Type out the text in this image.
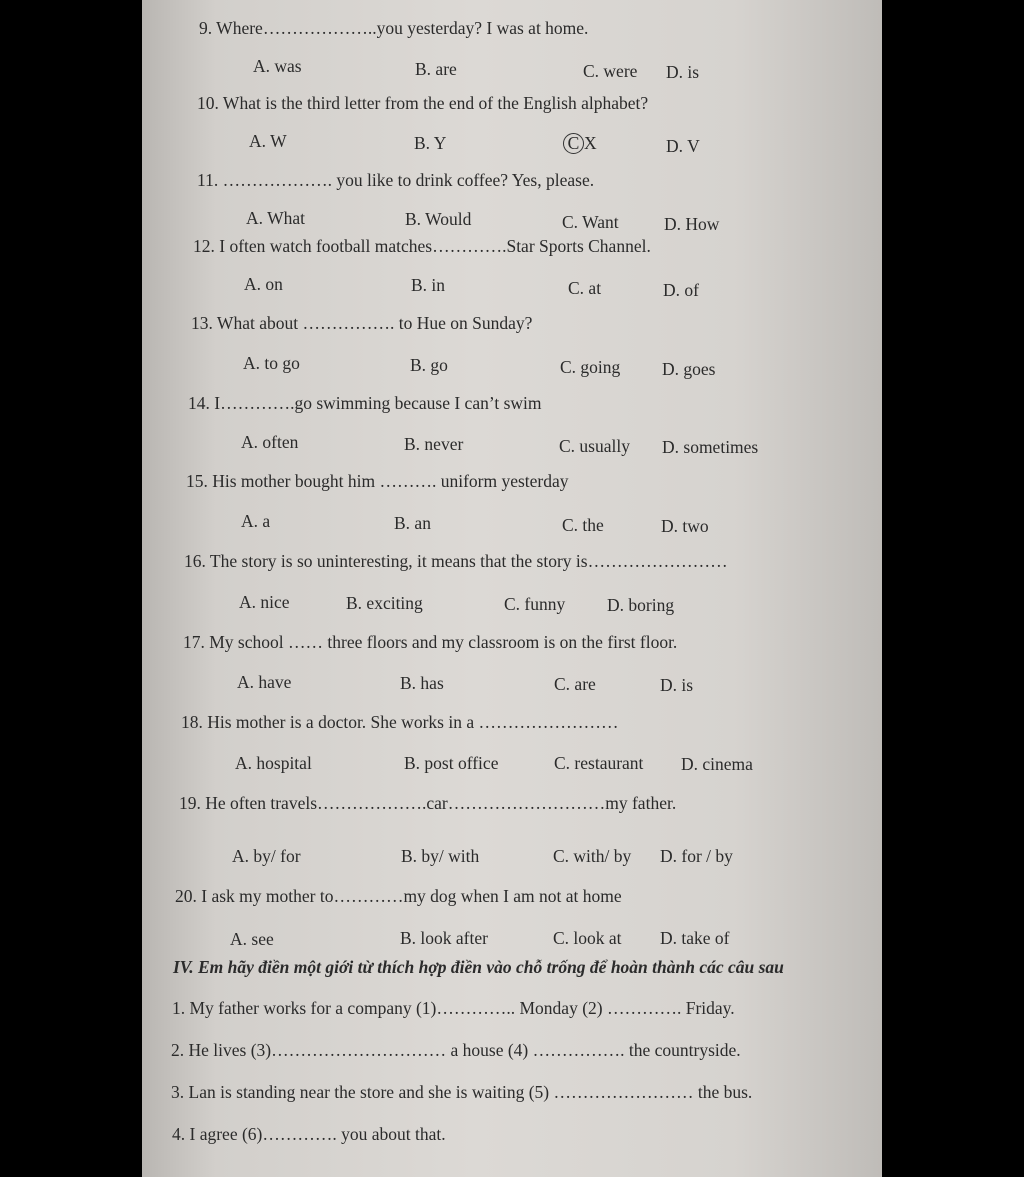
9. Where………………..you yesterday? I was at home.
A. was	B. are	C. were D. is
10. What is the third letter from the end of the English alphabet?
A. W	B. Y	C X	D. V
11. ………………. you like to drink coffee? Yes, please.
A. What	B. Would	C. Want	D. How
12. I often watch football matches………….Star Sports Channel.
A. on	B. in	C. at	D. of
13. What about ……………. to Hue on Sunday?
A. to go	B. go	C. going D. goes
14. I………….go swimming because I can’t swim
A. often	B. never	C. usually D. sometimes
15. His mother bought him ………. uniform yesterday
A. a	B. an	C. the	D. two
16. The story is so uninteresting, it means that the story is……………………
A. nice	B. exciting	C. funny D. boring
17. My school …… three floors and my classroom is on the first floor.
A. have	B. has	C. are	D. is
18. His mother is a doctor. She works in a ……………………
A. hospital	B. post office	C. restaurant D. cinema
19. He often travels……………….car………………………my father.
A. by/ for	B. by/ with	C. with/ by D. for / by
20. I ask my mother to…………my dog when I am not at home
A. see	B. look after	C. look at D. take of
IV. Em hãy điền một giới từ thích hợp điền vào chỗ trống để hoàn thành các câu sau
1. My father works for a company (1)………….. Monday (2) …………. Friday.
2. He lives (3)………………………… a house (4) ……………. the countryside.
3. Lan is standing near the store and she is waiting (5) …………………… the bus.
4. I agree (6)…………. you about that.
